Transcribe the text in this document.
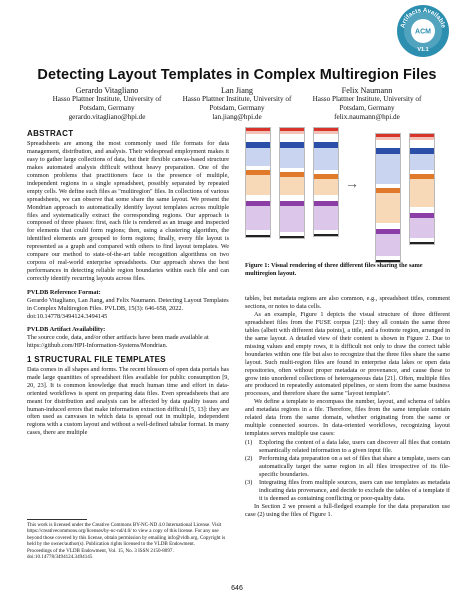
Artifacts Available
ACM
V1.1
Detecting Layout Templates in Complex Multiregion Files
Gerardo Vitagliano
Hasso Plattner Institute, University of
Potsdam, Germany
gerardo.vitagliano@hpi.de
Lan Jiang
Hasso Plattner Institute, University of
Potsdam, Germany
lan.jiang@hpi.de
Felix Naumann
Hasso Plattner Institute, University of
Potsdam, Germany
felix.naumann@hpi.de
ABSTRACT

Spreadsheets are among the most commonly used file formats for data management, distribution, and analysis. Their widespread employment makes it easy to gather large collections of data, but their flexible canvas-based structure makes automated analysis difficult without heavy preparation. One of the common problems that practitioners face is the presence of multiple, independent regions in a single spreadsheet, possibly separated by repeated empty cells. We define such files as "multiregion" files. In collections of various spreadsheets, we can observe that some share the same layout. We present the Mondrian approach to automatically identify layout templates across multiple files and systematically extract the corresponding regions. Our approach is composed of three phases: first, each file is rendered as an image and inspected for elements that could form regions; then, using a clustering algorithm, the identified elements are grouped to form regions; finally, every file layout is represented as a graph and compared with others to find layout templates. We compare our method to state-of-the-art table recognition algorithms on two corpora of real-world enterprise spreadsheets. Our approach shows the best performances in detecting reliable region boundaries within each file and can correctly identify recurring layouts across files.

PVLDB Reference Format:

Gerardo Vitagliano, Lan Jiang, and Felix Naumann. Detecting Layout Templates in Complex Multiregion Files. PVLDB, 15(3): 646-658, 2022.

doi:10.14778/3494124.3494145

PVLDB Artifact Availability:

The source code, data, and/or other artifacts have been made available at https://github.com/HPI-Information-Systems/Mondrian.

1 STRUCTURAL FILE TEMPLATES

Data comes in all shapes and forms. The recent blossom of open data portals has made large quantities of spreadsheet files available for public consumption [9, 20, 23]. It is common knowledge that much human time and effort in data-oriented workflows is spent on preparing data files. Even spreadsheets that are meant for distribution and analysis can be affected by data quality issues and human-induced errors that make information extraction difficult [5, 13]: they are often used as canvases in which data is spread out in multiple, independent regions with a custom layout and without a well-defined tabular format. In many cases, there are multiple

This work is licensed under the Creative Commons BY-NC-ND 4.0 International License. Visit https://creativecommons.org/licenses/by-nc-nd/4.0/ to view a copy of this license. For any use beyond those covered by this license, obtain permission by emailing info@vldb.org. Copyright is held by the owner/author(s). Publication rights licensed to the VLDB Endowment.
Proceedings of the VLDB Endowment, Vol. 15, No. 3 ISSN 2150-8097.
doi:10.14778/3494124.3494145
→
Figure 1: Visual rendering of three different files sharing the same multiregion layout.

tables, but metadata regions are also common, e.g., spreadsheet titles, comment sections, or notes to data cells.

As an example, Figure 1 depicts the visual structure of three different spreadsheet files from the FUSE corpus [23]: they all contain the same three tables (albeit with different data points), a title, and a footnote region, arranged in the same layout. A detailed view of their content is shown in Figure 2. Due to missing values and empty rows, it is difficult not only to draw the correct table boundaries within one file but also to recognize that the three files share the same layout. Such multi-region files are found in enterprise data lakes or open data repositories, often without proper metadata or provenance, and cause these to grow into unordered collections of heterogeneous data [21]. Often, multiple files are produced in repeatedly automated pipelines, or stem from the same business processes, and therefore share the same "layout template".

We define a template to encompass the number, layout, and schema of tables and metadata regions in a file. Therefore, files from the same template contain related data from the same domain, whether originating from the same or multiple connected sources. In data-oriented workflows, recognizing layout templates serves multiple use cases:

(1) Exploring the content of a data lake, users can discover all files that contain semantically related information to a given input file.
(2) Performing data preparation on a set of files that share a template, users can automatically target the same region in all files irrespective of its file-specific boundaries.
(3) Integrating files from multiple sources, users can use templates as metadata indicating data provenance, and decide to exclude the tables of a template if it is deemed as containing conflicting or poor-quality data.

In Section 2 we present a full-fledged example for the data preparation use case (2) using the files of Figure 1.

646
